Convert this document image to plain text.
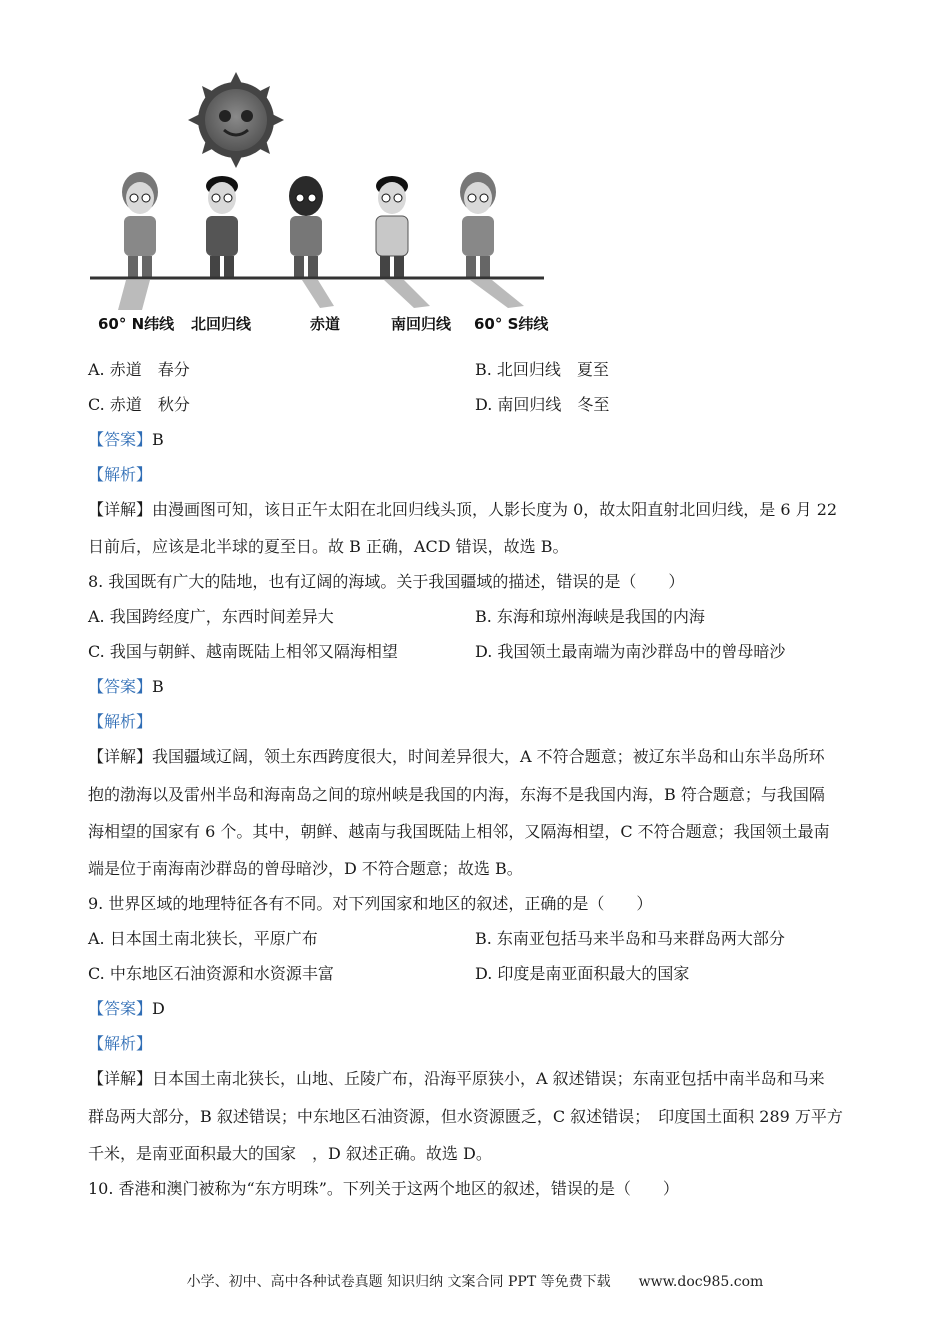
60° N纬线 北回归线	赤道	南回归线 60° S纬线
A. 赤道　春分	B. 北回归线　夏至
C. 赤道　秋分	D. 南回归线　冬至
【答案】B
【解析】
【详解】由漫画图可知，该日正午太阳在北回归线头顶，人影长度为 0，故太阳直射北回归线，是 6 月 22
日前后，应该是北半球的夏至日。故 B 正确，ACD 错误，故选 B。
8. 我国既有广大的陆地，也有辽阔的海域。关于我国疆域的描述，错误的是（　　）
A. 我国跨经度广，东西时间差异大	B. 东海和琼州海峡是我国的内海
C. 我国与朝鲜、越南既陆上相邻又隔海相望	D. 我国领土最南端为南沙群岛中的曾母暗沙
【答案】B
【解析】
【详解】我国疆域辽阔，领土东西跨度很大，时间差异很大，A 不符合题意；被辽东半岛和山东半岛所环
抱的渤海以及雷州半岛和海南岛之间的琼州峡是我国的内海，东海不是我国内海，B 符合题意；与我国隔
海相望的国家有 6 个。其中，朝鲜、越南与我国既陆上相邻，又隔海相望，C 不符合题意；我国领土最南
端是位于南海南沙群岛的曾母暗沙，D 不符合题意；故选 B。
9. 世界区域的地理特征各有不同。对下列国家和地区的叙述，正确的是（　　）
A. 日本国土南北狭长，平原广布	B. 东南亚包括马来半岛和马来群岛两大部分
C. 中东地区石油资源和水资源丰富	D. 印度是南亚面积最大的国家
【答案】D
【解析】
【详解】日本国土南北狭长，山地、丘陵广布，沿海平原狭小，A 叙述错误；东南亚包括中南半岛和马来
群岛两大部分，B 叙述错误；中东地区石油资源，但水资源匮乏，C 叙述错误；　印度国土面积 289 万平方
千米，是南亚面积最大的国家　，D 叙述正确。故选 D。
10. 香港和澳门被称为“东方明珠”。下列关于这两个地区的叙述，错误的是（　　）
小学、初中、高中各种试卷真题 知识归纳 文案合同 PPT 等免费下载　　www.doc985.com
